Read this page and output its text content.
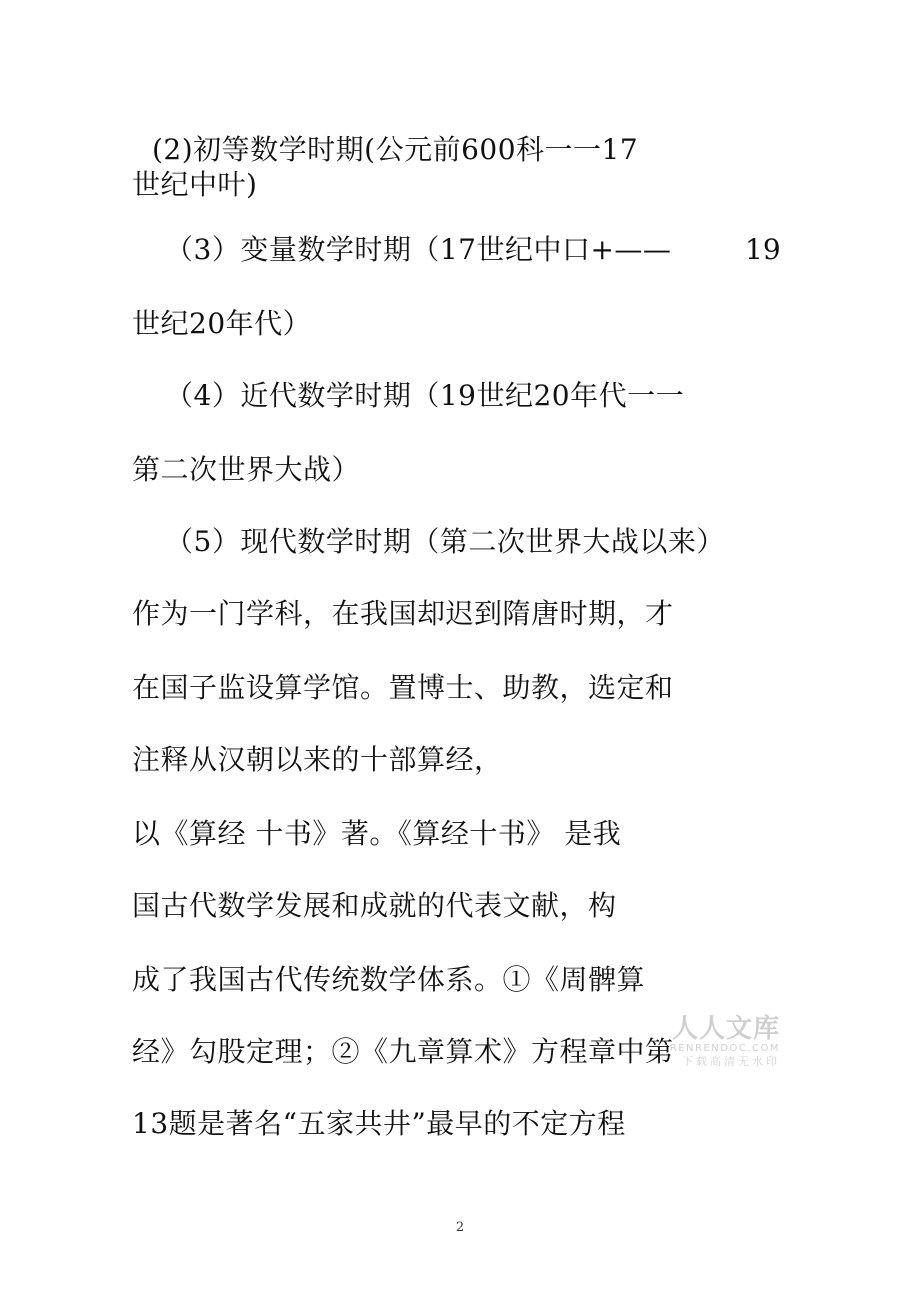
(2)初等数学时期(公元前600科一一17
世纪中叶)
（3）变量数学时期（17世纪中口+——	19
世纪20年代）
（4）近代数学时期（19世纪20年代一一
第二次世界大战）
（5）现代数学时期（第二次世界大战以来）
作为一门学科，在我国却迟到隋唐时期，才
在国子监设算学馆。置博士、助教，选定和
注释从汉朝以来的十部算经，
以《算经 十书》著。《算经十书》 是我
国古代数学发展和成就的代表文献，构
成了我国古代传统数学体系。①《周髀算
经》勾股定理；②《九章算术》方程章中第
13题是著名“五家共井”最早的不定方程
人人文库
RENRENDOC.COM
下载高清无水印
2
